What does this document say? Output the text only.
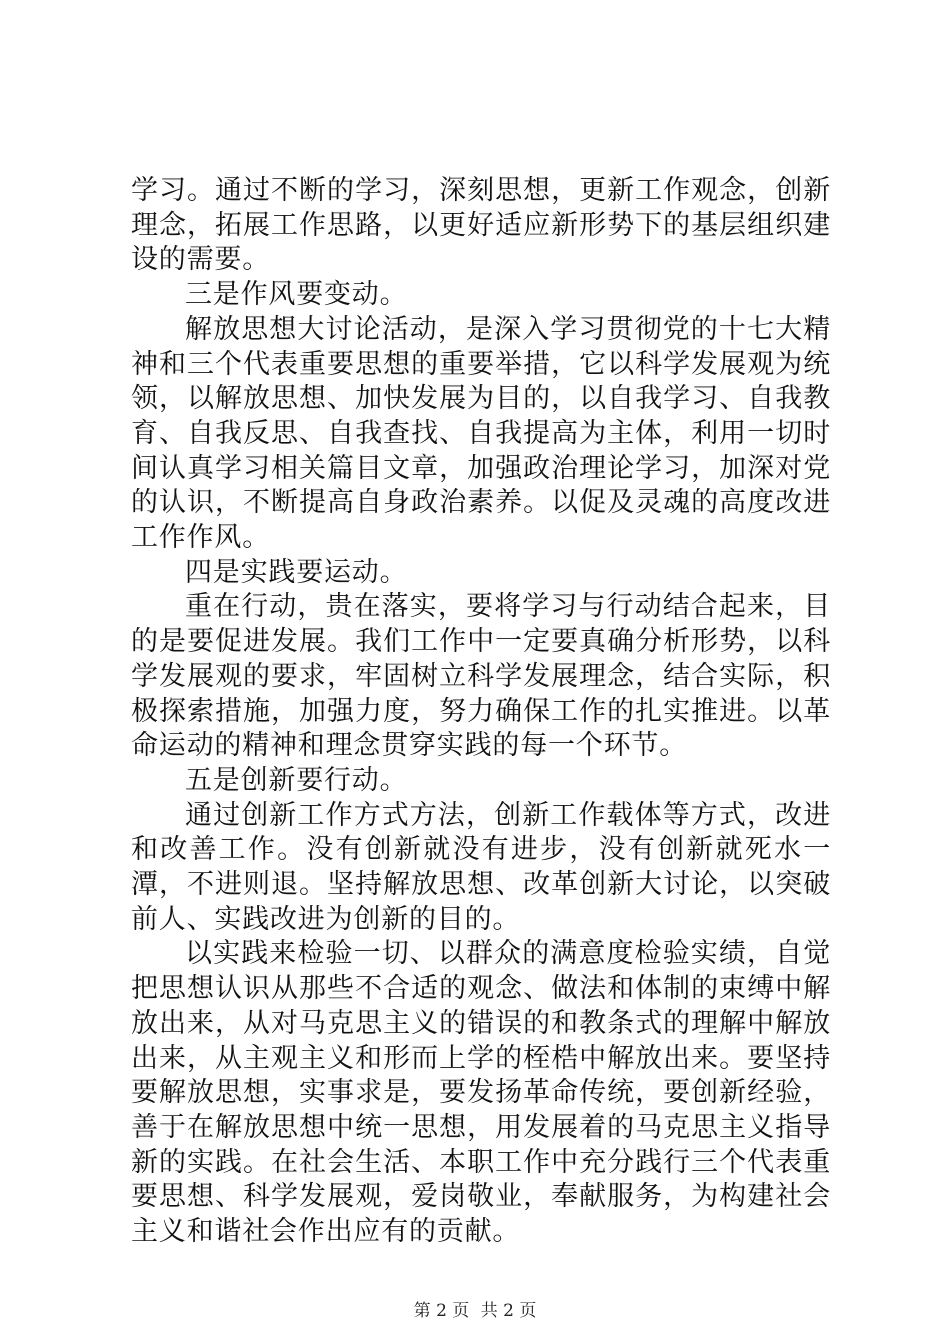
学习。通过不断的学习，深刻思想，更新工作观念，创新理念，拓展工作思路，以更好适应新形势下的基层组织建设的需要。

三是作风要变动。

解放思想大讨论活动，是深入学习贯彻党的十七大精神和三个代表重要思想的重要举措，它以科学发展观为统领，以解放思想、加快发展为目的，以自我学习、自我教育、自我反思、自我查找、自我提高为主体，利用一切时间认真学习相关篇目文章，加强政治理论学习，加深对党的认识，不断提高自身政治素养。以促及灵魂的高度改进工作作风。

四是实践要运动。

重在行动，贵在落实，要将学习与行动结合起来，目的是要促进发展。我们工作中一定要真确分析形势，以科学发展观的要求，牢固树立科学发展理念，结合实际，积极探索措施，加强力度，努力确保工作的扎实推进。以革命运动的精神和理念贯穿实践的每一个环节。

五是创新要行动。

通过创新工作方式方法，创新工作载体等方式，改进和改善工作。没有创新就没有进步，没有创新就死水一潭，不进则退。坚持解放思想、改革创新大讨论，以突破前人、实践改进为创新的目的。

以实践来检验一切、以群众的满意度检验实绩，自觉把思想认识从那些不合适的观念、做法和体制的束缚中解放出来，从对马克思主义的错误的和教条式的理解中解放出来，从主观主义和形而上学的桎梏中解放出来。要坚持要解放思想，实事求是，要发扬革命传统，要创新经验，善于在解放思想中统一思想，用发展着的马克思主义指导新的实践。在社会生活、本职工作中充分践行三个代表重要思想、科学发展观，爱岗敬业，奉献服务，为构建社会主义和谐社会作出应有的贡献。

第 2 页 共 2 页
